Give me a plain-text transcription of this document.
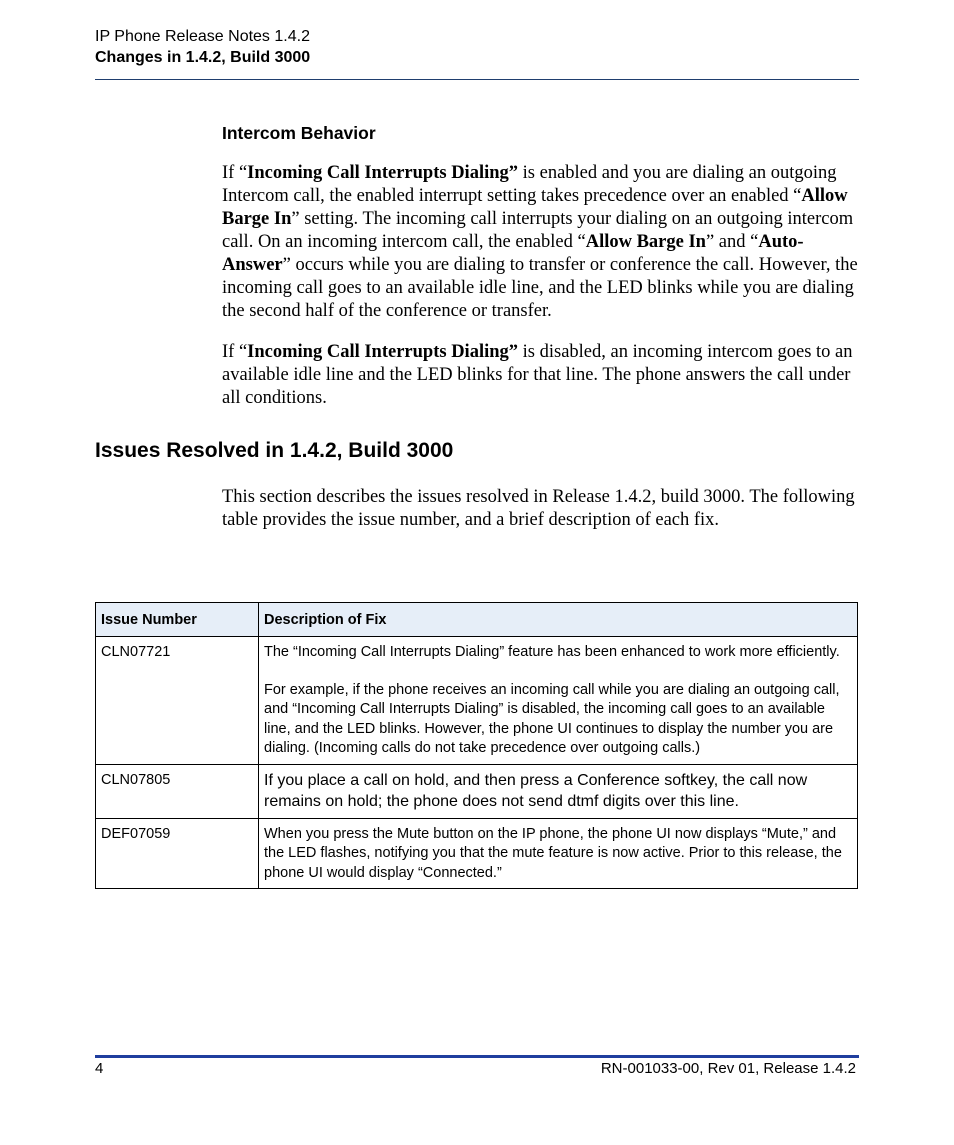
IP Phone Release Notes 1.4.2
Changes in 1.4.2, Build 3000
Intercom Behavior

If “Incoming Call Interrupts Dialing” is enabled and you are dialing an outgoing Intercom call, the enabled interrupt setting takes precedence over an enabled “Allow Barge In” setting. The incoming call interrupts your dialing on an outgoing intercom call. On an incoming intercom call, the enabled “Allow Barge In” and “Auto-Answer” occurs while you are dialing to transfer or conference the call. However, the incoming call goes to an available idle line, and the LED blinks while you are dialing the second half of the conference or transfer.

If “Incoming Call Interrupts Dialing” is disabled, an incoming intercom goes to an available idle line and the LED blinks for that line. The phone answers the call under all conditions.

Issues Resolved in 1.4.2, Build 3000

This section describes the issues resolved in Release 1.4.2, build 3000. The following table provides the issue number, and a brief description of each fix.

Issue Number	Description of Fix
CLN07721	The “Incoming Call Interrupts Dialing” feature has been enhanced to work more efficiently.

For example, if the phone receives an incoming call while you are dialing an outgoing call, and “Incoming Call Interrupts Dialing” is disabled, the incoming call goes to an available line, and the LED blinks. However, the phone UI continues to display the number you are dialing. (Incoming calls do not take precedence over outgoing calls.)

CLN07805	If you place a call on hold, and then press a Conference softkey, the call now remains on hold; the phone does not send dtmf digits over this line.

DEF07059	When you press the Mute button on the IP phone, the phone UI now displays “Mute,” and the LED flashes, notifying you that the mute feature is now active. Prior to this release, the phone UI would display “Connected.”

4	RN-001033-00, Rev 01, Release 1.4.2
